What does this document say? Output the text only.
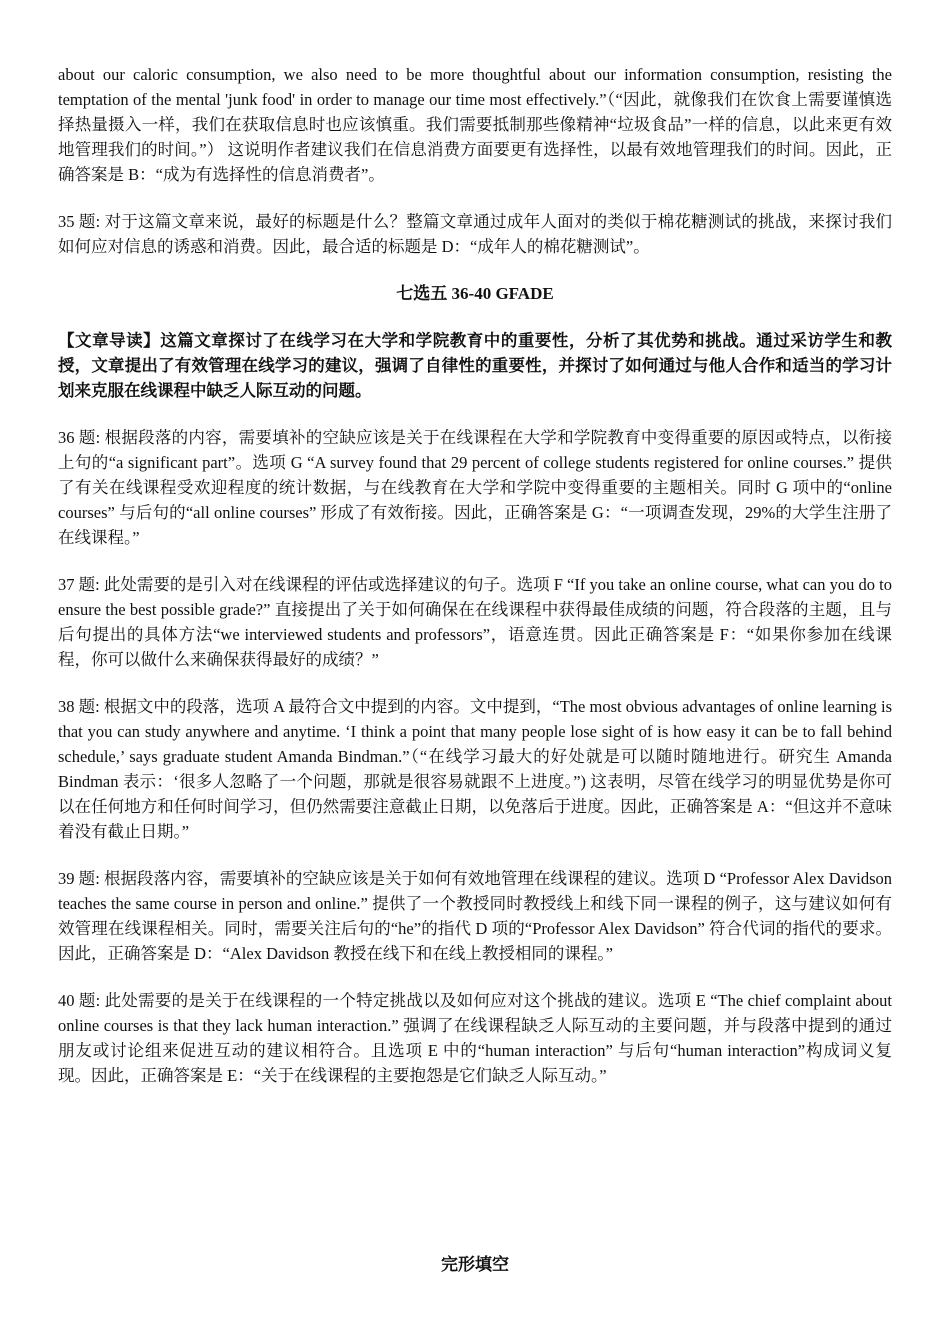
about our caloric consumption, we also need to be more thoughtful about our information consumption, resisting the temptation of the mental 'junk food' in order to manage our time most effectively.”（“因此，就像我们在饮食上需要谨慎选择热量摄入一样，我们在获取信息时也应该慎重。我们需要抵制那些像精神“垃圾食品”一样的信息，以此来更有效地管理我们的时间。”） 这说明作者建议我们在信息消费方面要更有选择性，以最有效地管理我们的时间。因此，正确答案是 B：“成为有选择性的信息消费者”。

35 题: 对于这篇文章来说，最好的标题是什么？整篇文章通过成年人面对的类似于棉花糖测试的挑战，来探讨我们如何应对信息的诱惑和消费。因此，最合适的标题是 D：“成年人的棉花糖测试”。

七选五 36-40 GFADE

【文章导读】这篇文章探讨了在线学习在大学和学院教育中的重要性，分析了其优势和挑战。通过采访学生和教授，文章提出了有效管理在线学习的建议，强调了自律性的重要性，并探讨了如何通过与他人合作和适当的学习计划来克服在线课程中缺乏人际互动的问题。

36 题: 根据段落的内容，需要填补的空缺应该是关于在线课程在大学和学院教育中变得重要的原因或特点，以衔接上句的“a significant part”。选项 G “A survey found that 29 percent of college students registered for online courses.” 提供了有关在线课程受欢迎程度的统计数据，与在线教育在大学和学院中变得重要的主题相关。同时 G 项中的“online courses” 与后句的“all online courses” 形成了有效衔接。因此，正确答案是 G：“一项调查发现，29%的大学生注册了在线课程。”

37 题: 此处需要的是引入对在线课程的评估或选择建议的句子。选项 F “If you take an online course, what can you do to ensure the best possible grade?” 直接提出了关于如何确保在在线课程中获得最佳成绩的问题，符合段落的主题，且与后句提出的具体方法“we interviewed students and professors”，语意连贯。因此正确答案是 F：“如果你参加在线课程，你可以做什么来确保获得最好的成绩？”

38 题: 根据文中的段落，选项 A 最符合文中提到的内容。文中提到，“The most obvious advantages of online learning is that you can study anywhere and anytime. ‘I think a point that many people lose sight of is how easy it can be to fall behind schedule,’ says graduate student Amanda Bindman.”（“在线学习最大的好处就是可以随时随地进行。研究生 Amanda Bindman 表示：‘很多人忽略了一个问题，那就是很容易就跟不上进度。”) 这表明，尽管在线学习的明显优势是你可以在任何地方和任何时间学习，但仍然需要注意截止日期，以免落后于进度。因此，正确答案是 A：“但这并不意味着没有截止日期。”

39 题: 根据段落内容，需要填补的空缺应该是关于如何有效地管理在线课程的建议。选项 D “Professor Alex Davidson teaches the same course in person and online.” 提供了一个教授同时教授线上和线下同一课程的例子，这与建议如何有效管理在线课程相关。同时，需要关注后句的“he”的指代 D 项的“Professor Alex Davidson” 符合代词的指代的要求。因此，正确答案是 D：“Alex Davidson 教授在线下和在线上教授相同的课程。”

40 题: 此处需要的是关于在线课程的一个特定挑战以及如何应对这个挑战的建议。选项 E “The chief complaint about online courses is that they lack human interaction.” 强调了在线课程缺乏人际互动的主要问题，并与段落中提到的通过朋友或讨论组来促进互动的建议相符合。且选项 E 中的“human interaction” 与后句“human interaction”构成词义复现。因此，正确答案是 E：“关于在线课程的主要抱怨是它们缺乏人际互动。”

完形填空
